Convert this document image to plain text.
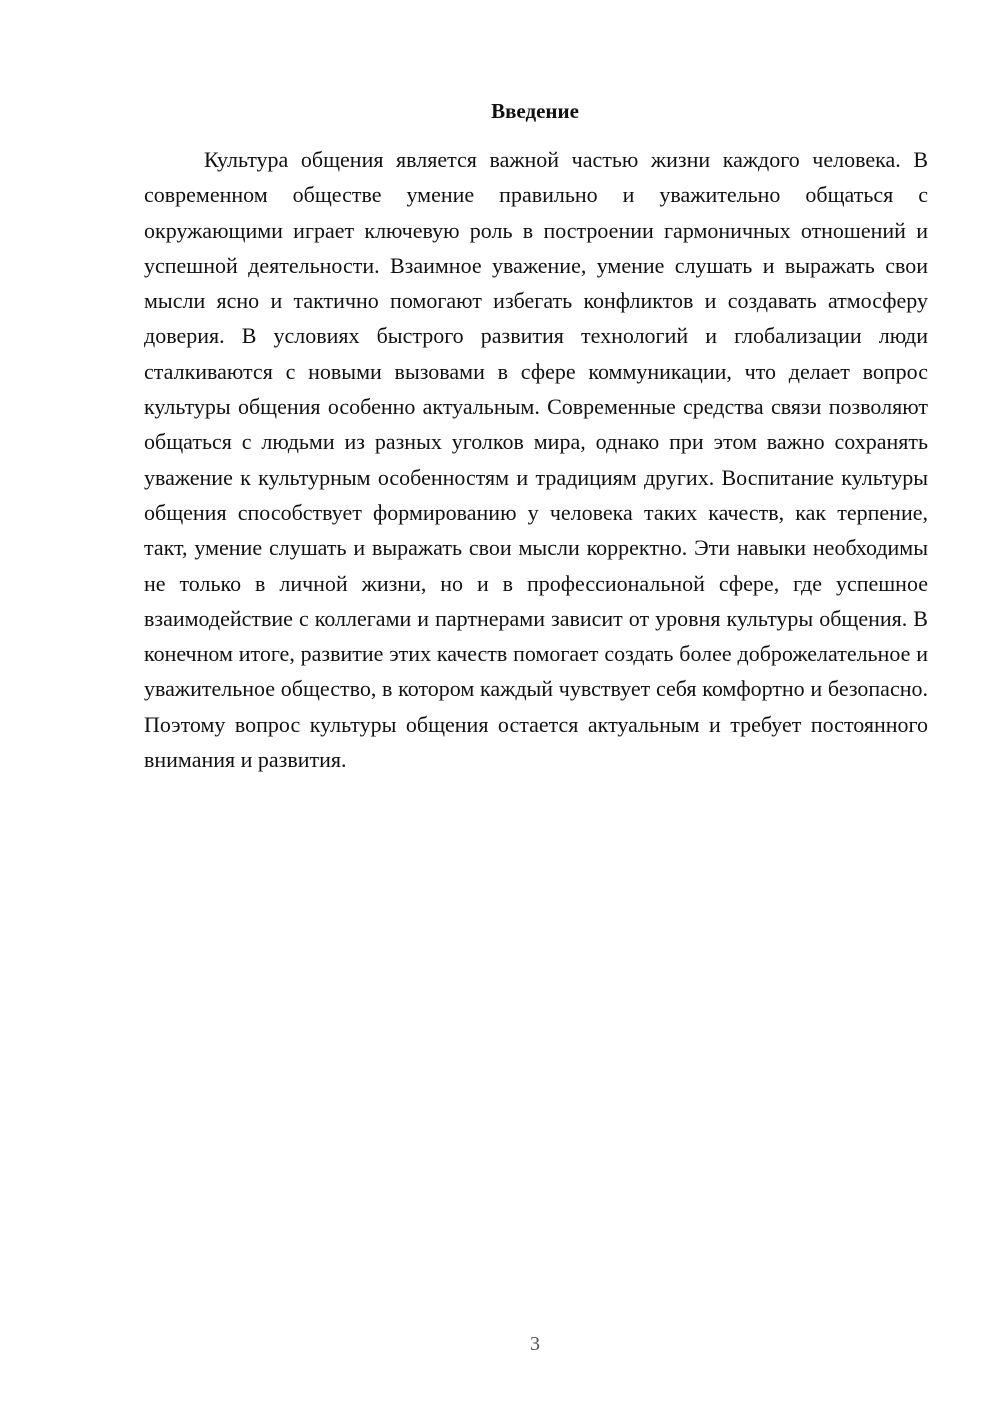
Введение

Культура общения является важной частью жизни каждого человека. В современном обществе умение правильно и уважительно общаться с окружающими играет ключевую роль в построении гармоничных отношений и успешной деятельности. Взаимное уважение, умение слушать и выражать свои мысли ясно и тактично помогают избегать конфликтов и создавать атмосферу доверия. В условиях быстрого развития технологий и глобализации люди сталкиваются с новыми вызовами в сфере коммуникации, что делает вопрос культуры общения особенно актуальным. Современные средства связи позволяют общаться с людьми из разных уголков мира, однако при этом важно сохранять уважение к культурным особенностям и традициям других. Воспитание культуры общения способствует формированию у человека таких качеств, как терпение, такт, умение слушать и выражать свои мысли корректно. Эти навыки необходимы не только в личной жизни, но и в профессиональной сфере, где успешное взаимодействие с коллегами и партнерами зависит от уровня культуры общения. В конечном итоге, развитие этих качеств помогает создать более доброжелательное и уважительное общество, в котором каждый чувствует себя комфортно и безопасно. Поэтому вопрос культуры общения остается актуальным и требует постоянного внимания и развития.

3
